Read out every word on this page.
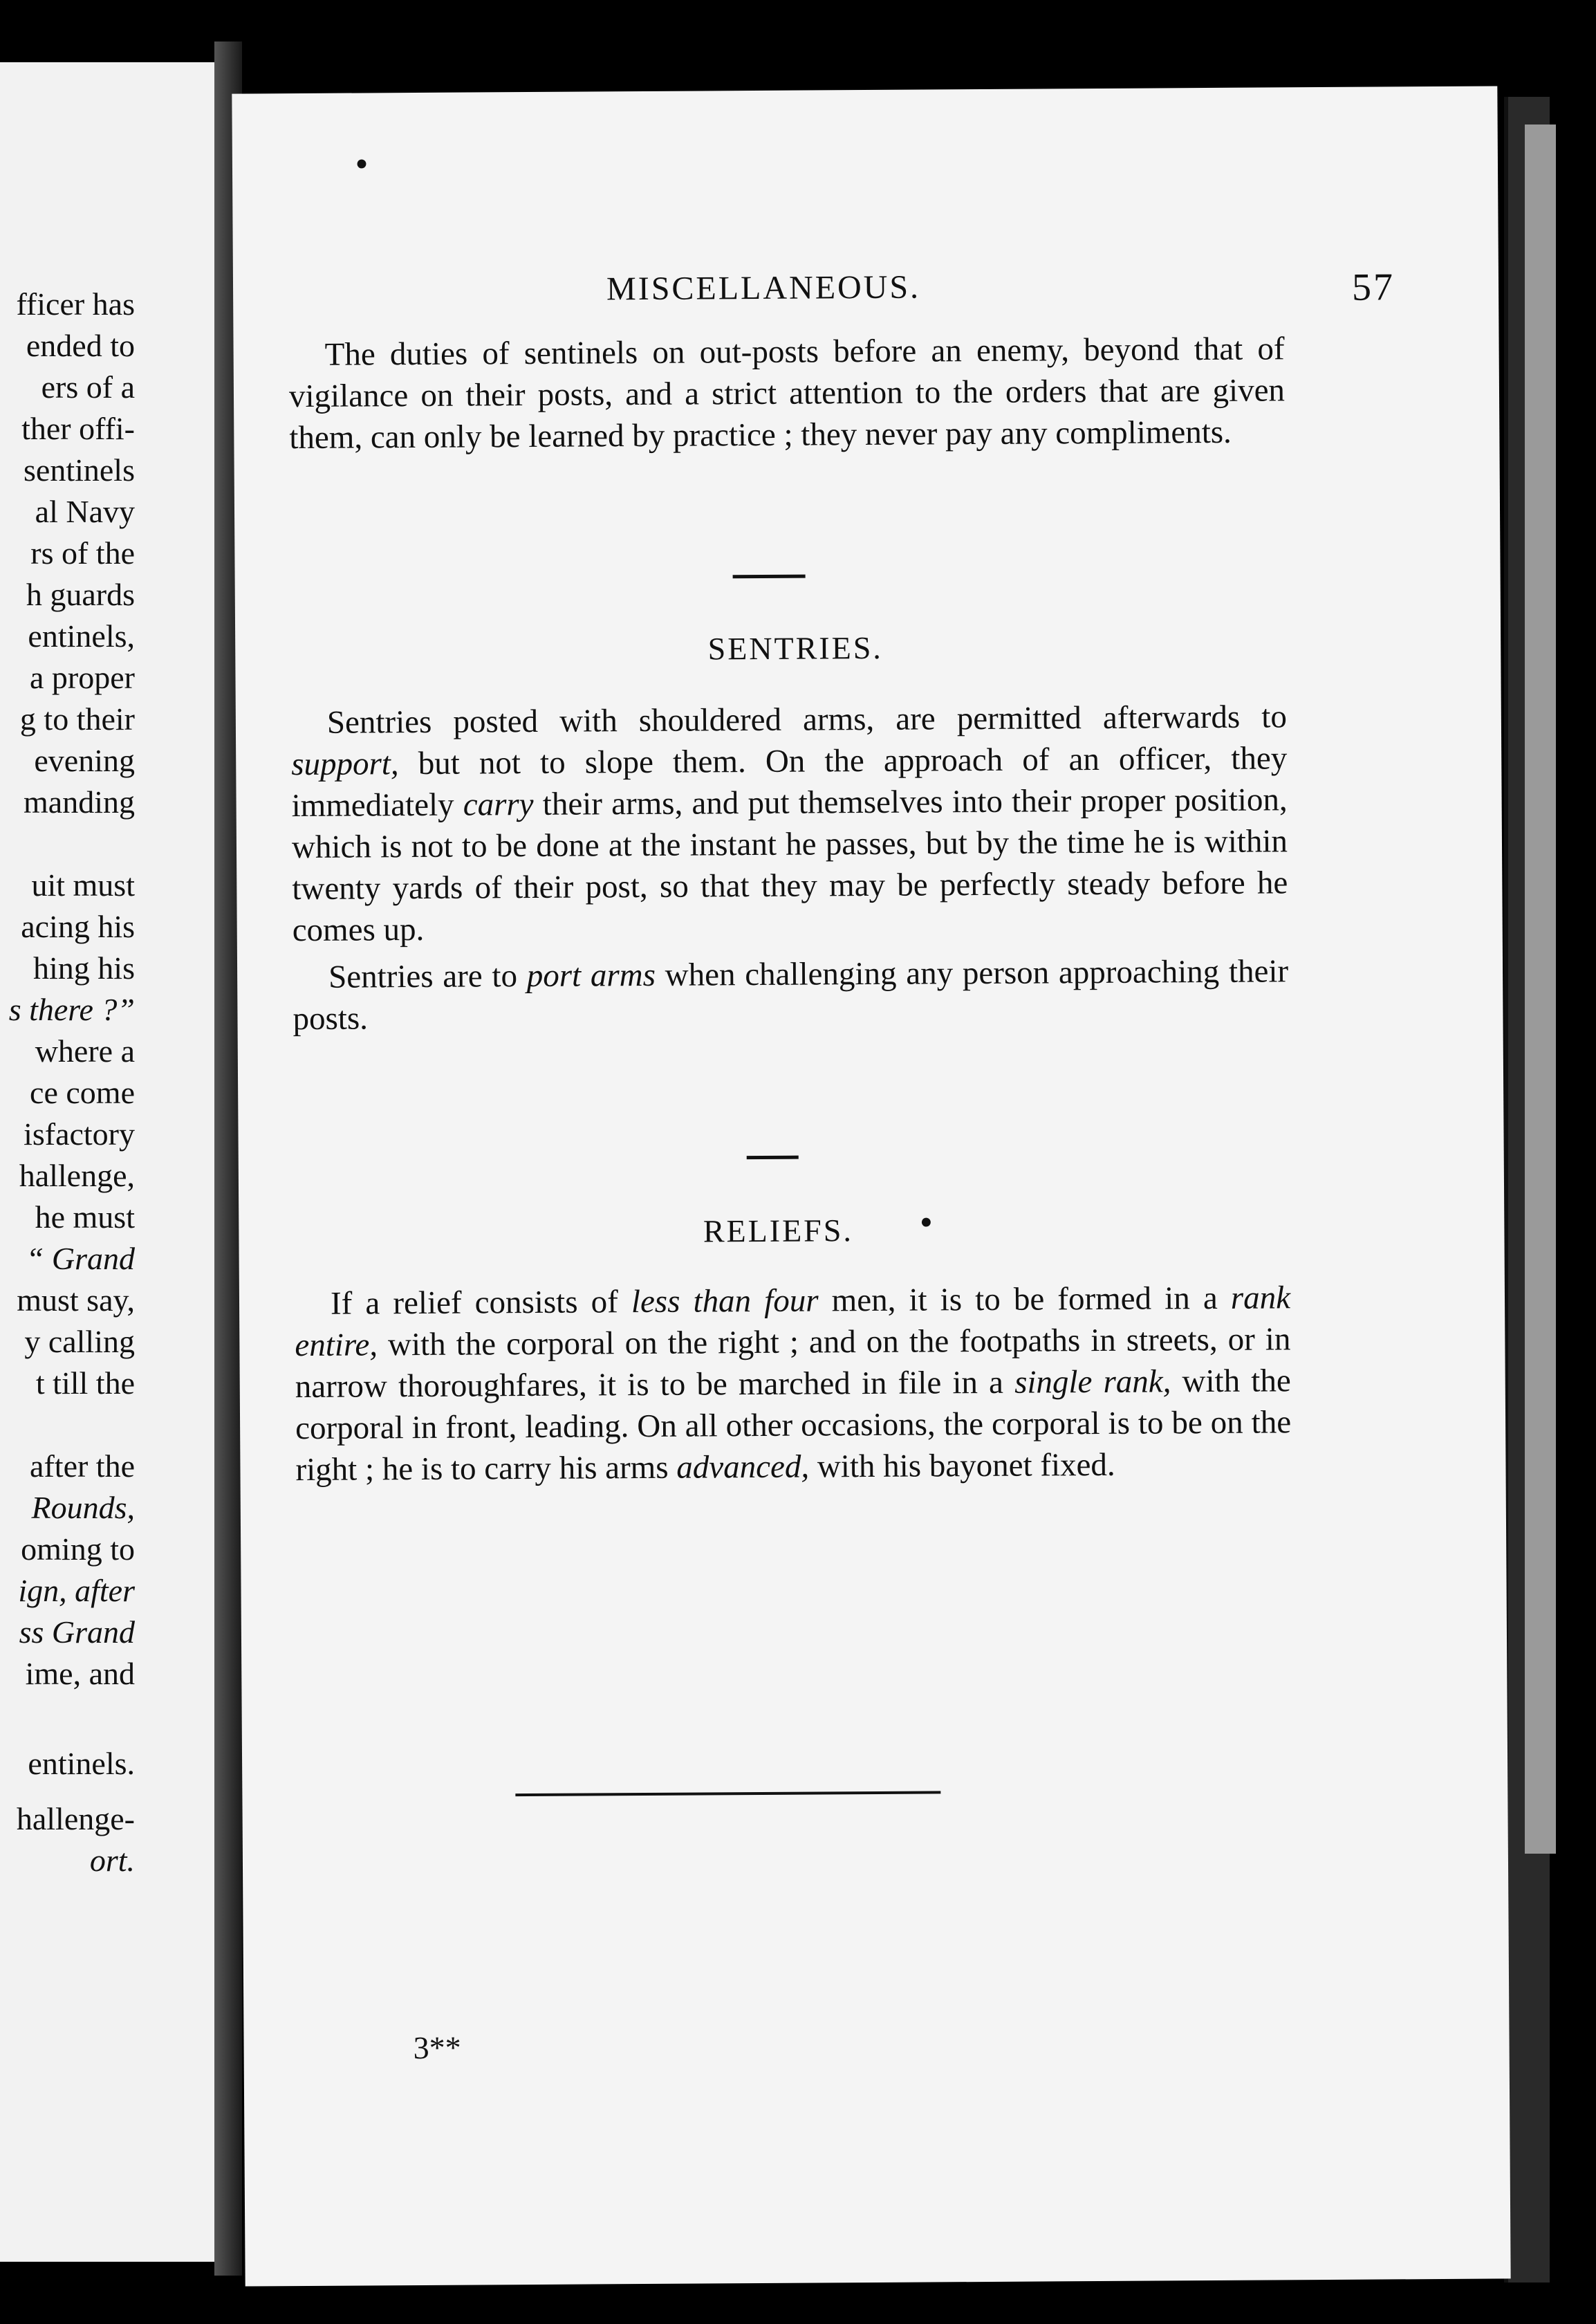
fficer has
ended to
ers of a
ther offi-
sentinels
al Navy
rs of the
h guards
entinels,
a proper
g to their
evening
manding
uit must
acing his
hing his
s there ?”
where a
ce come
isfactory
hallenge,
he must
“ Grand
must say,
y calling
t till the
after the
Rounds,
oming to
ign, after
ss Grand
ime, and
entinels.
hallenge-
ort.
●
MISCELLANEOUS.	57

The duties of sentinels on out-posts before an enemy, beyond that of vigilance on their posts, and a strict attention to the orders that are given them, can only be learned by practice ; they never pay any compliments.

SENTRIES.

Sentries posted with shouldered arms, are permitted afterwards to support, but not to slope them. On the approach of an officer, they immediately carry their arms, and put themselves into their proper position, which is not to be done at the instant he passes, but by the time he is within twenty yards of their post, so that they may be perfectly steady before he comes up.

Sentries are to port arms when challenging any person approaching their posts.

●
RELIEFS.

If a relief consists of less than four men, it is to be formed in a rank entire, with the corporal on the right ; and on the footpaths in streets, or in narrow thoroughfares, it is to be marched in file in a single rank, with the corporal in front, leading. On all other occasions, the corporal is to be on the right ; he is to carry his arms advanced, with his bayonet fixed.

3**
